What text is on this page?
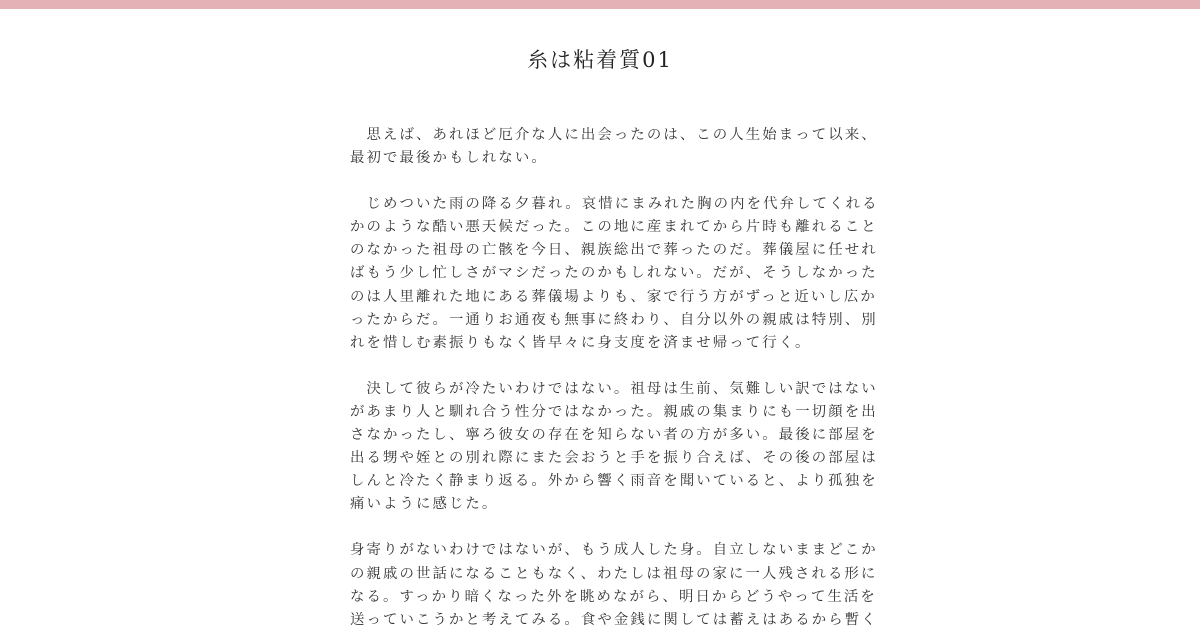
糸は粘着質01
　思えば、あれほど厄介な人に出会ったのは、この人生始まって以来、
最初で最後かもしれない。
　じめついた雨の降る夕暮れ。哀惜にまみれた胸の内を代弁してくれる
かのような酷い悪天候だった。この地に産まれてから片時も離れること
のなかった祖母の亡骸を今日、親族総出で葬ったのだ。葬儀屋に任せれ
ばもう少し忙しさがマシだったのかもしれない。だが、そうしなかった
のは人里離れた地にある葬儀場よりも、家で行う方がずっと近いし広か
ったからだ。一通りお通夜も無事に終わり、自分以外の親戚は特別、別
れを惜しむ素振りもなく皆早々に身支度を済ませ帰って行く。
　決して彼らが冷たいわけではない。祖母は生前、気難しい訳ではない
があまり人と馴れ合う性分ではなかった。親戚の集まりにも一切顔を出
さなかったし、寧ろ彼女の存在を知らない者の方が多い。最後に部屋を
出る甥や姪との別れ際にまた会おうと手を振り合えば、その後の部屋は
しんと冷たく静まり返る。外から響く雨音を聞いていると、より孤独を
痛いように感じた。
身寄りがないわけではないが、もう成人した身。自立しないままどこか
の親戚の世話になることもなく、わたしは祖母の家に一人残される形に
なる。すっかり暗くなった外を眺めながら、明日からどうやって生活を
送っていこうかと考えてみる。食や金銭に関しては蓄えはあるから暫く
